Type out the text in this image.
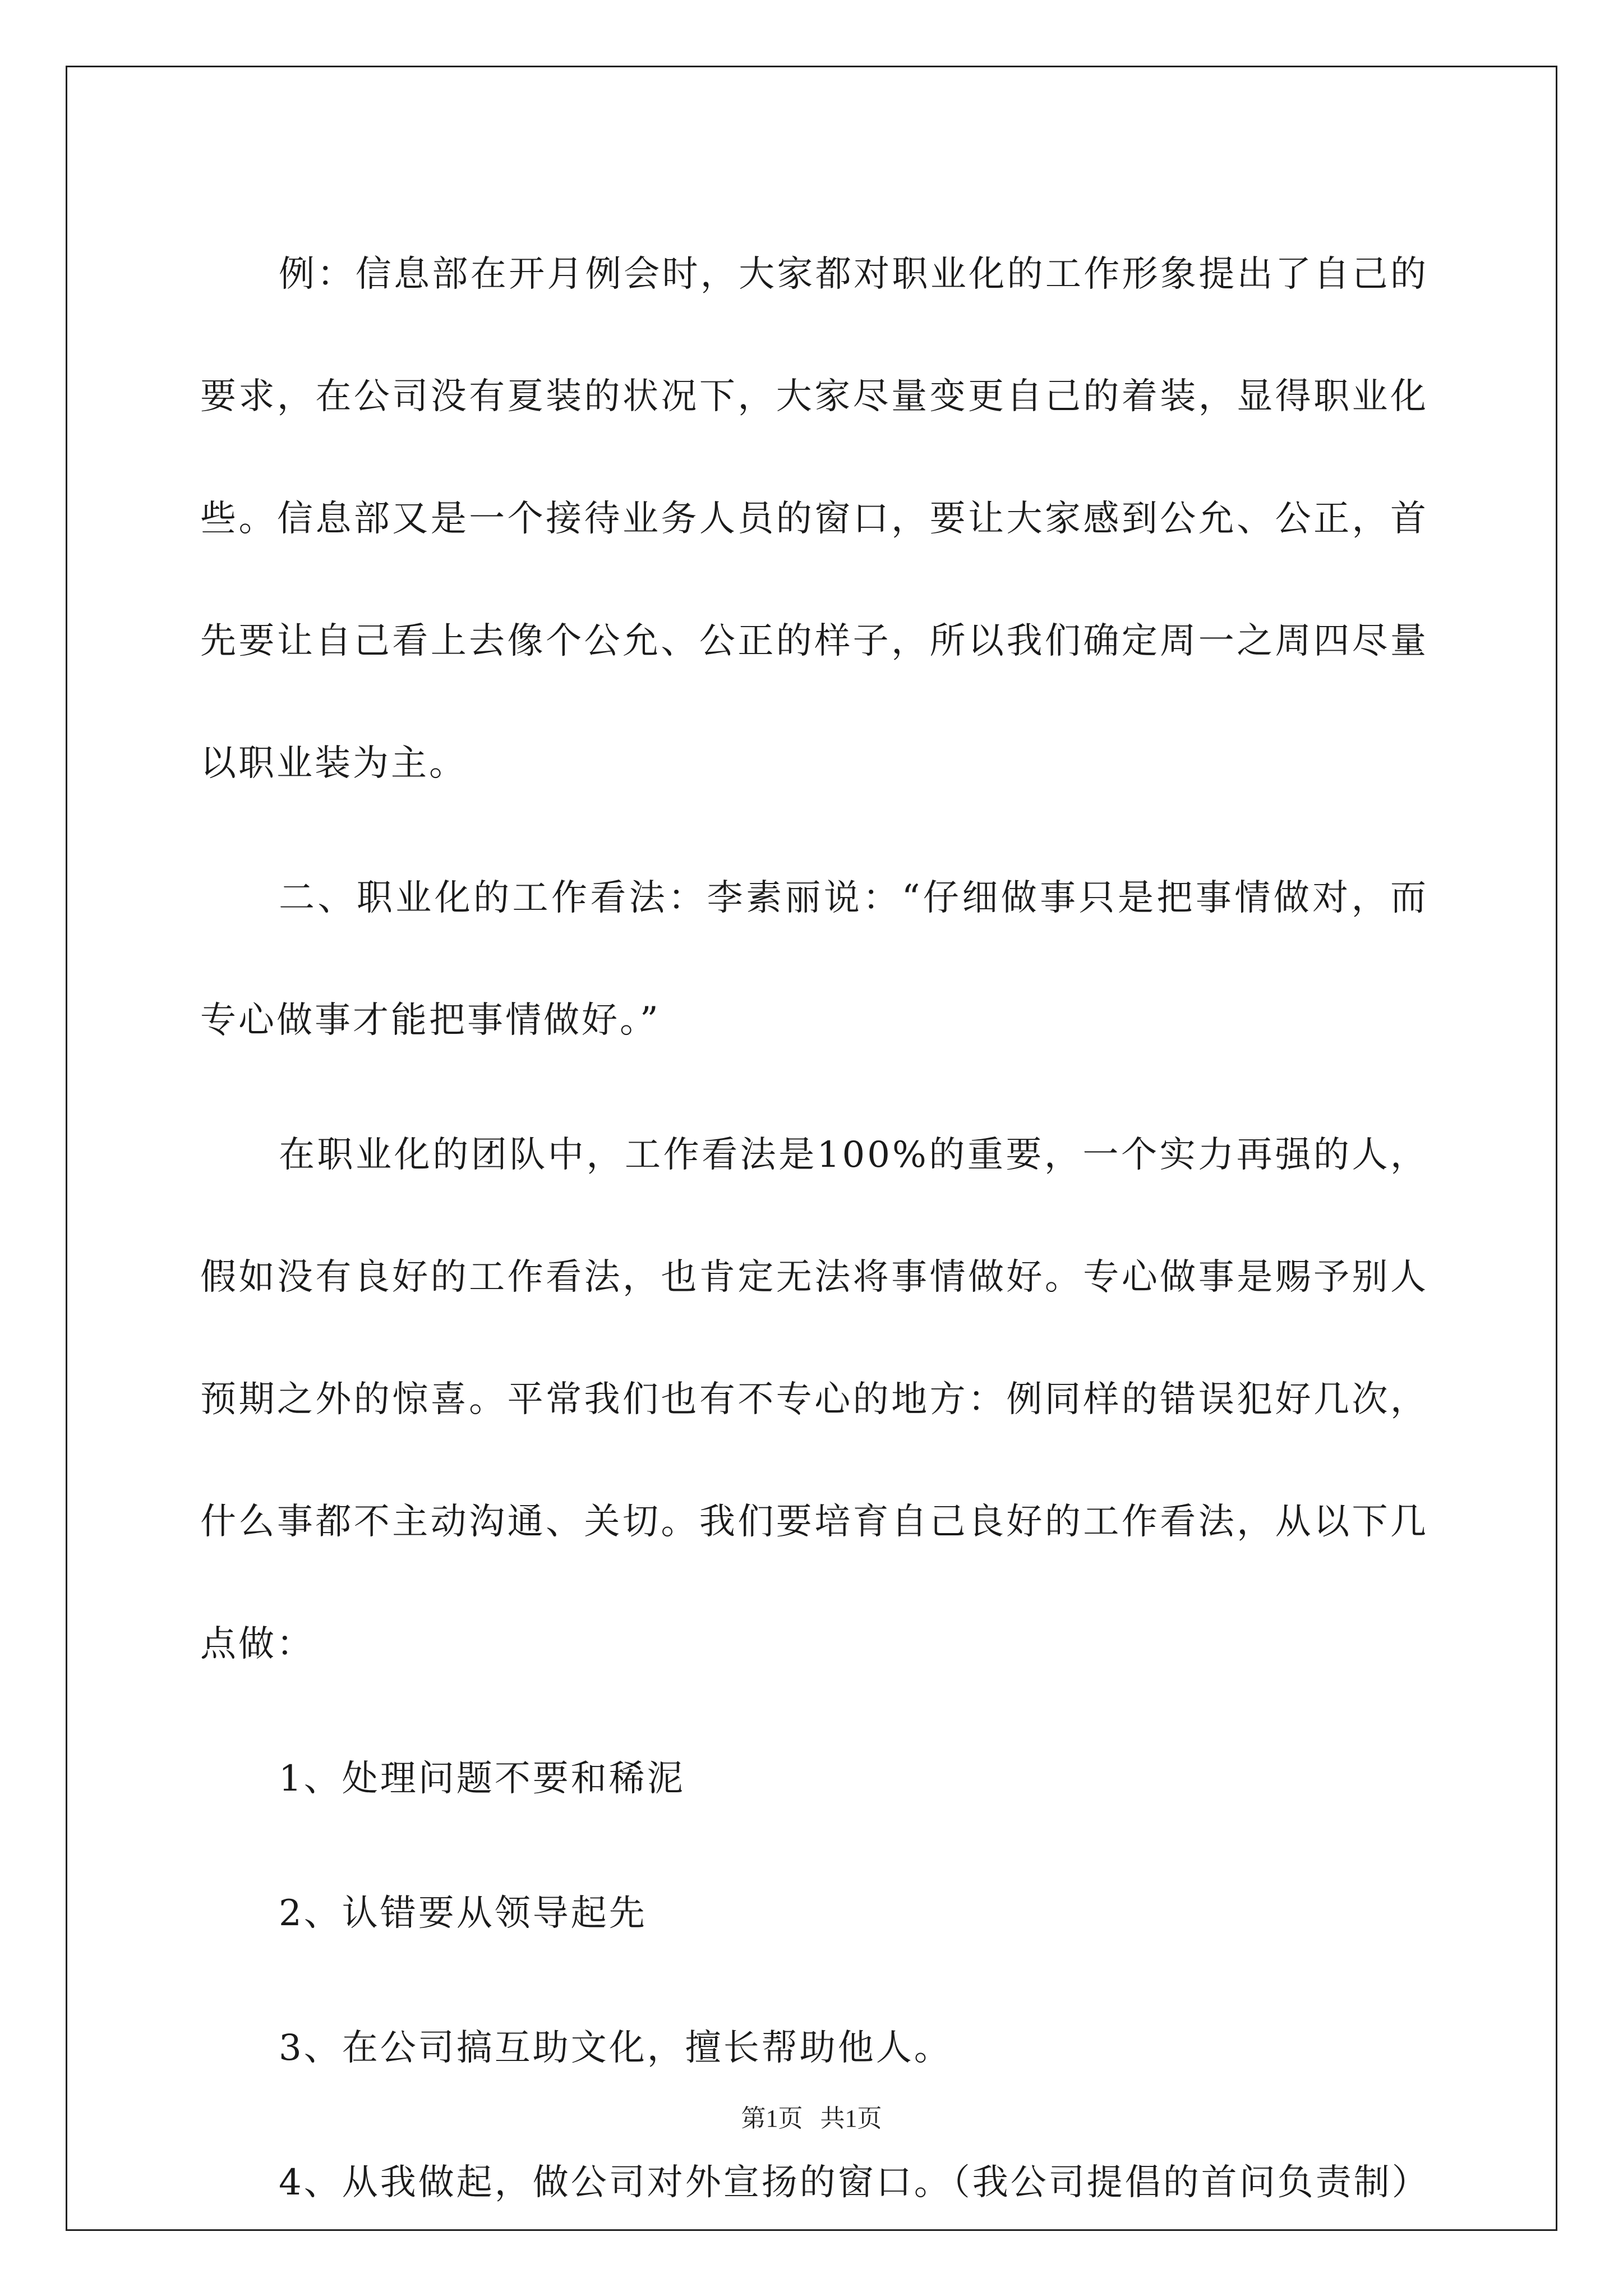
例：信息部在开月例会时，大家都对职业化的工作形象提出了自己的要求，在公司没有夏装的状况下，大家尽量变更自己的着装，显得职业化些。信息部又是一个接待业务人员的窗口，要让大家感到公允、公正，首先要让自己看上去像个公允、公正的样子，所以我们确定周一之周四尽量以职业装为主。

二、职业化的工作看法：李素丽说：“仔细做事只是把事情做对，而专心做事才能把事情做好。”

在职业化的团队中，工作看法是100%的重要，一个实力再强的人，假如没有良好的工作看法，也肯定无法将事情做好。专心做事是赐予别人预期之外的惊喜。平常我们也有不专心的地方：例同样的错误犯好几次，什么事都不主动沟通、关切。我们要培育自己良好的工作看法，从以下几点做：

1、处理问题不要和稀泥

2、认错要从领导起先

3、在公司搞互助文化，擅长帮助他人。

4、从我做起，做公司对外宣扬的窗口。（我公司提倡的首问负责制）

第1页 共1页
